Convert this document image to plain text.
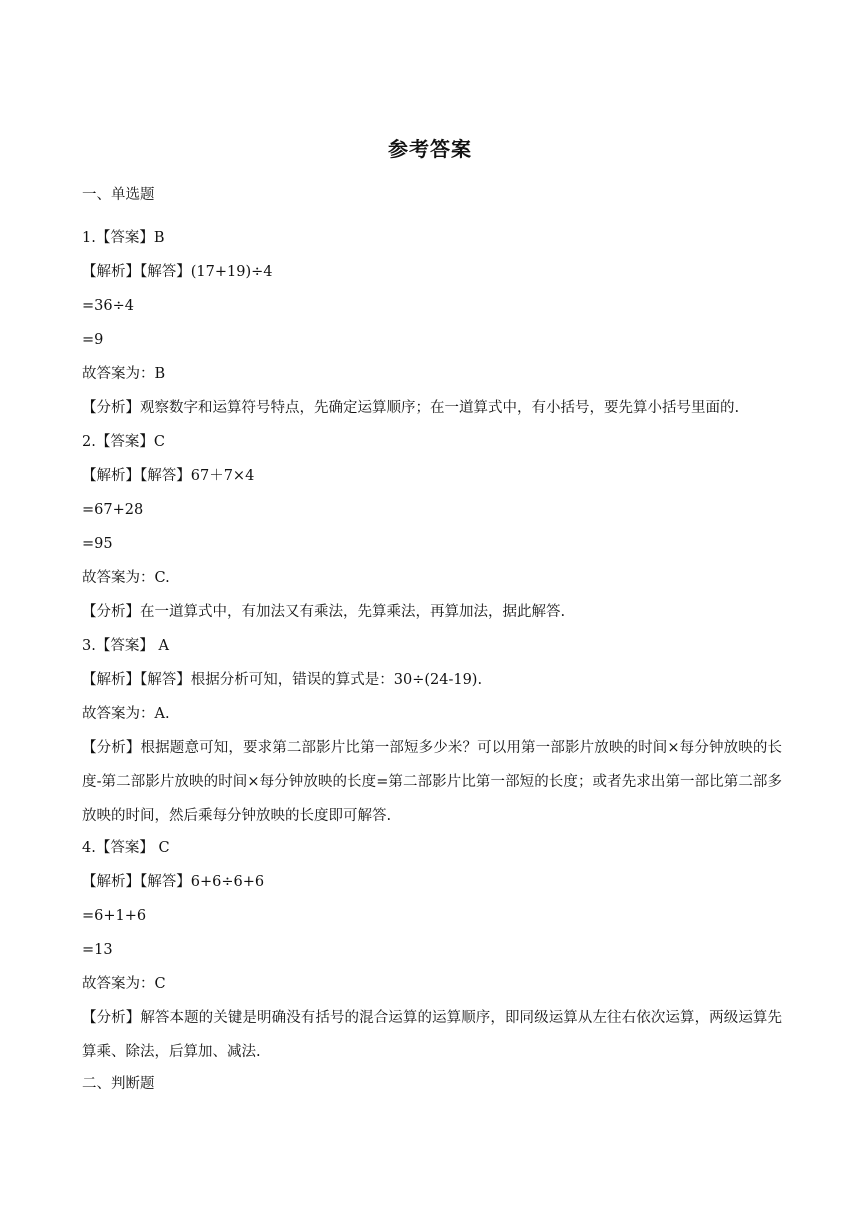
参考答案
一、单选题
1.【答案】B
【解析】【解答】(17+19)÷4
=36÷4
=9
故答案为：B
【分析】观察数字和运算符号特点，先确定运算顺序；在一道算式中，有小括号，要先算小括号里面的.
2.【答案】C
【解析】【解答】67＋7×4
=67+28
=95
故答案为：C.
【分析】在一道算式中，有加法又有乘法，先算乘法，再算加法，据此解答.
3.【答案】 A
【解析】【解答】根据分析可知，错误的算式是：30÷(24-19).
故答案为：A.
【分析】根据题意可知，要求第二部影片比第一部短多少米？可以用第一部影片放映的时间×每分钟放映的长度-第二部影片放映的时间×每分钟放映的长度=第二部影片比第一部短的长度；或者先求出第一部比第二部多放映的时间，然后乘每分钟放映的长度即可解答.
4.【答案】 C
【解析】【解答】6+6÷6+6
=6+1+6
=13
故答案为：C
【分析】解答本题的关键是明确没有括号的混合运算的运算顺序，即同级运算从左往右依次运算，两级运算先算乘、除法，后算加、减法.
二、判断题
